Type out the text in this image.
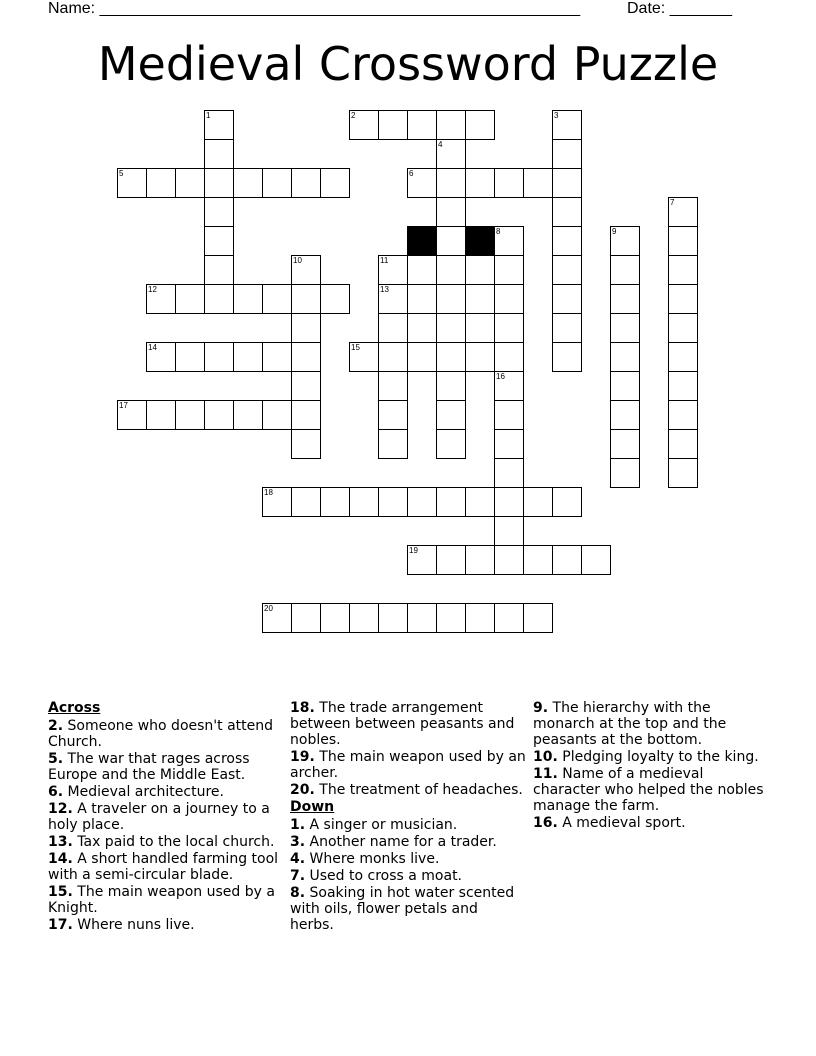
Name: ______________________________________________________	Date: _______
Medieval Crossword Puzzle
1	2	3
4
5	6
7
8	9
10	11
13
12
14	15
16
17
18
19
20
Across
2. Someone who doesn't attend Church.
5. The war that rages across Europe and the Middle East.
6. Medieval architecture.
12. A traveler on a journey to a holy place.
13. Tax paid to the local church.
14. A short handled farming tool with a semi-circular blade.
15. The main weapon used by a Knight.
17. Where nuns live.
18. The trade arrangement between between peasants and nobles.
19. The main weapon used by an archer.
20. The treatment of headaches.
Down
1. A singer or musician.
3. Another name for a trader.
4. Where monks live.
7. Used to cross a moat.
8. Soaking in hot water scented with oils, flower petals and herbs.
9. The hierarchy with the monarch at the top and the peasants at the bottom.
10. Pledging loyalty to the king.
11. Name of a medieval character who helped the nobles manage the farm.
16. A medieval sport.
